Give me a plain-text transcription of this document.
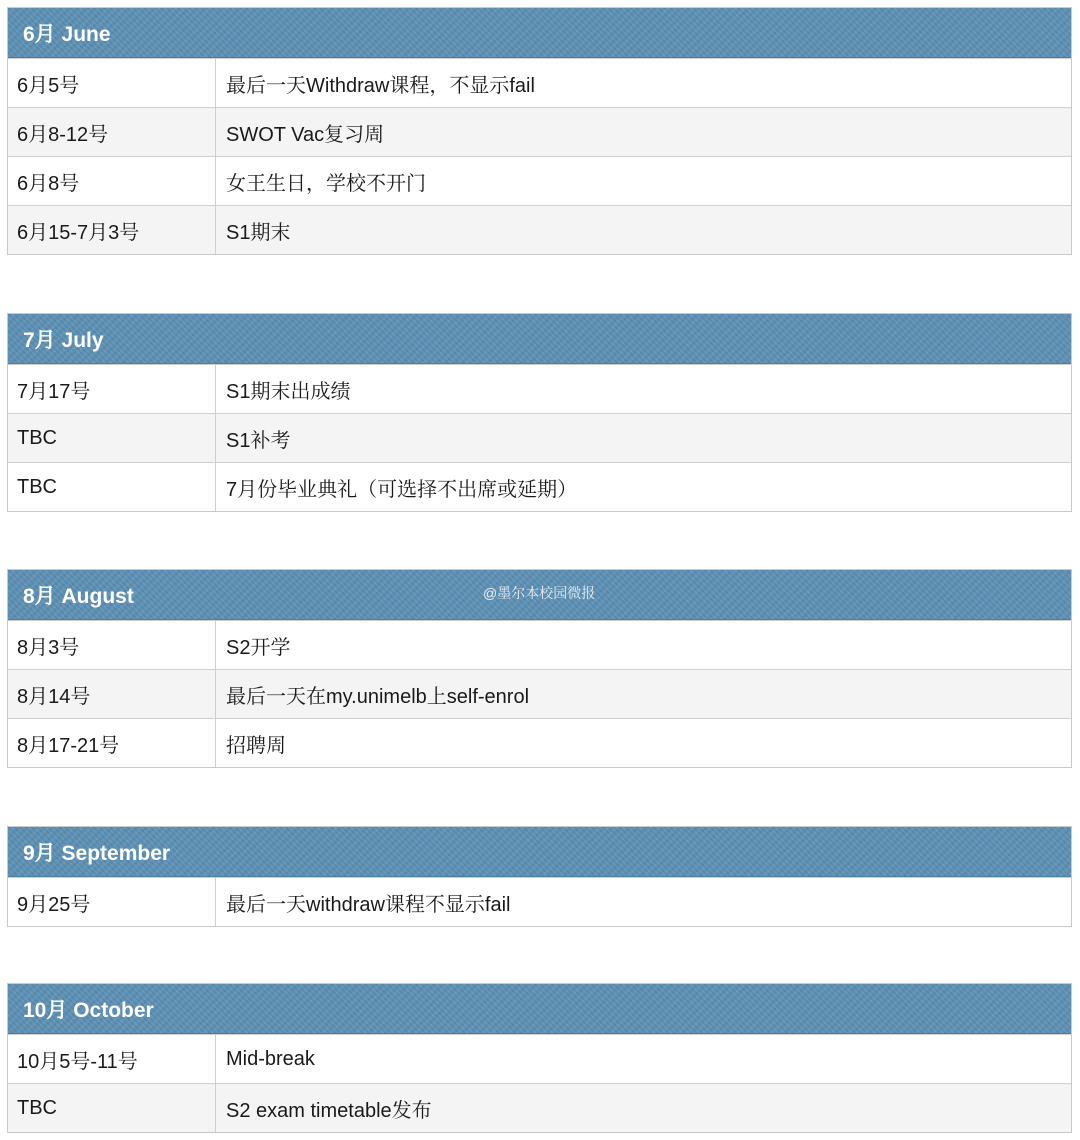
6月 June
6月5号	最后一天Withdraw课程，不显示fail
6月8-12号	SWOT Vac复习周
6月8号	女王生日，学校不开门
6月15-7月3号	S1期末
7月 July
7月17号	S1期末出成绩
TBC	S1补考
TBC	7月份毕业典礼（可选择不出席或延期）
8月 August	@墨尔本校园微报
8月3号	S2开学
8月14号	最后一天在my.unimelb上self-enrol
8月17-21号	招聘周
9月 September
9月25号	最后一天withdraw课程不显示fail
10月 October
10月5号-11号	Mid-break
TBC	S2 exam timetable发布
